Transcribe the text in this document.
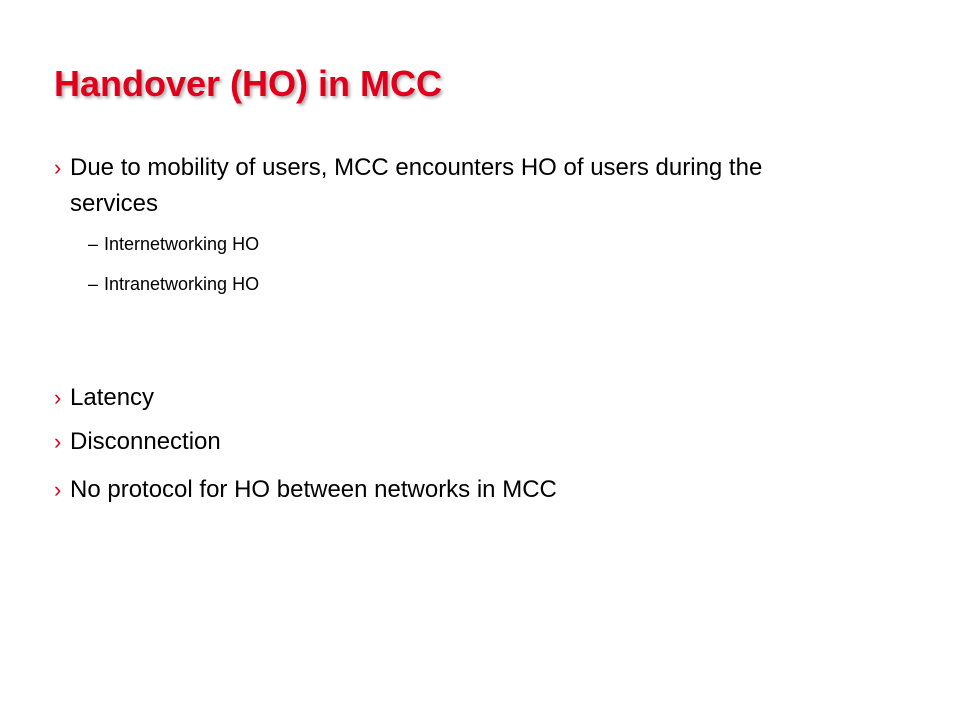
Handover (HO) in MCC
› Due to mobility of users, MCC encounters HO of users during the services
– Internetworking HO
– Intranetworking HO
› Latency
› Disconnection
› No protocol for HO between networks in MCC
